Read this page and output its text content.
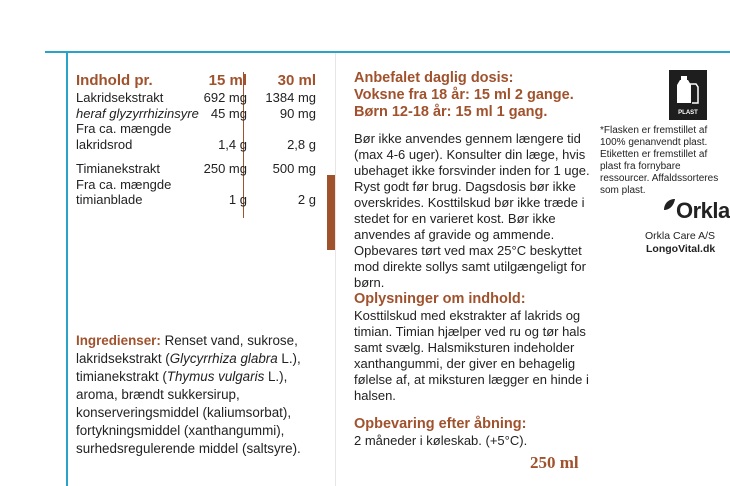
Indhold pr.	15 ml 30 ml
Lakridsekstrakt	692 mg 1384 mg
heraf glyzyrrhizinsyre 45 mg	90 mg
Fra ca. mængde
lakridsrod	1,4 g	2,8 g
Timianekstrakt	250 mg 500 mg
Fra ca. mængde
timianblade	1 g	2 g
Ingredienser: Renset vand, sukrose, lakridsekstrakt (Glycyrrhiza glabra L.), timianekstrakt (Thymus vulgaris L.), aroma, brændt sukkersirup, konserveringsmiddel (kaliumsorbat), fortykningsmiddel (xanthangummi), surhedsregulerende middel (saltsyre).
Anbefalet daglig dosis:
Voksne fra 18 år: 15 ml 2 gange.
Børn 12-18 år: 15 ml 1 gang.
Bør ikke anvendes gennem længere tid (max 4-6 uger). Konsulter din læge, hvis ubehaget ikke forsvinder inden for 1 uge. Ryst godt før brug. Dagsdosis bør ikke overskrides. Kosttilskud bør ikke træde i stedet for en varieret kost. Bør ikke anvendes af gravide og ammende. Opbevares tørt ved max 25°C beskyttet mod direkte sollys samt utilgængeligt for børn.
Oplysninger om indhold:
Kosttilskud med ekstrakter af lakrids og timian. Timian hjælper ved ru og tør hals samt svælg. Halsmiksturen indeholder xanthangummi, der giver en behagelig følelse af, at miksturen lægger en hinde i halsen.
Opbevaring efter åbning:
2 måneder i køleskab. (+5°C).
250 ml
PLAST
*Flasken er fremstillet af 100% genanvendt plast. Etiketten er fremstillet af plast fra fornybare ressourcer. Affaldssorteres som plast.
Orkla
Orkla Care A/S
LongoVital.dk
